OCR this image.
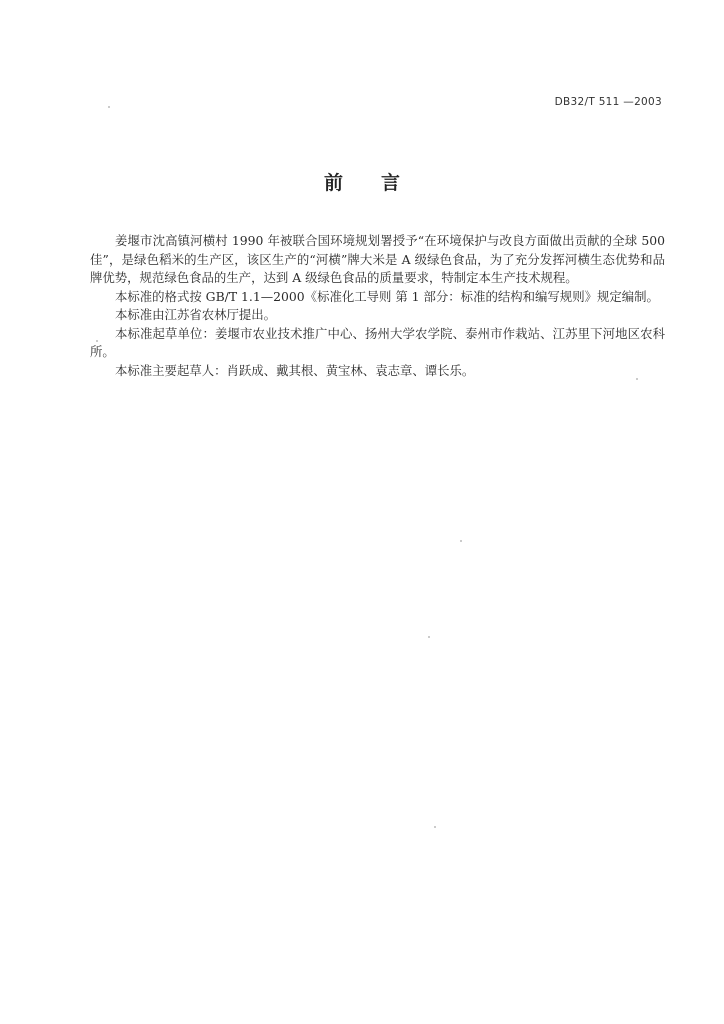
DB32/T 511 —2003
前 言

姜堰市沈高镇河横村 1990 年被联合国环境规划署授予“在环境保护与改良方面做出贡献的全球 500 佳”，是绿色稻米的生产区，该区生产的“河横”牌大米是 A 级绿色食品，为了充分发挥河横生态优势和品牌优势，规范绿色食品的生产，达到 A 级绿色食品的质量要求，特制定本生产技术规程。

本标准的格式按 GB/T 1.1—2000《标准化工导则 第 1 部分：标准的结构和编写规则》规定编制。

本标准由江苏省农林厅提出。

本标准起草单位：姜堰市农业技术推广中心、扬州大学农学院、泰州市作栽站、江苏里下河地区农科所。

本标准主要起草人：肖跃成、戴其根、黄宝林、袁志章、谭长乐。
